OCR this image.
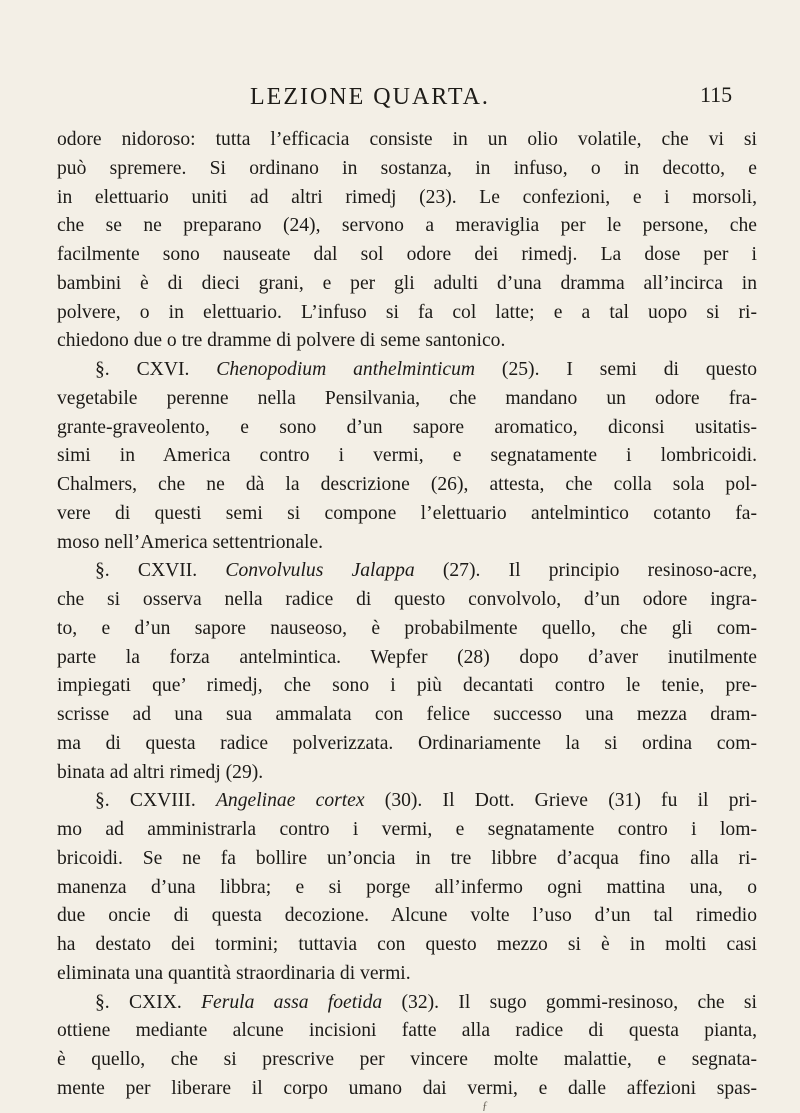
LEZIONE QUARTA.	115
odore nidoroso: tutta l’efficacia consiste in un olio volatile, che vi si
può spremere. Si ordinano in sostanza, in infuso, o in decotto, e
in elettuario uniti ad altri rimedj (23). Le confezioni, e i morsoli,
che se ne preparano (24), servono a meraviglia per le persone, che
facilmente sono nauseate dal sol odore dei rimedj. La dose per i
bambini è di dieci grani, e per gli adulti d’una dramma all’incirca in
polvere, o in elettuario. L’infuso si fa col latte; e a tal uopo si ri-
chiedono due o tre dramme di polvere di seme santonico.
§. CXVI. Chenopodium anthelminticum (25). I semi di questo
vegetabile perenne nella Pensilvania, che mandano un odore fra-
grante-graveolento, e sono d’un sapore aromatico, diconsi usitatis-
simi in America contro i vermi, e segnatamente i lombricoidi.
Chalmers, che ne dà la descrizione (26), attesta, che colla sola pol-
vere di questi semi si compone l’elettuario antelmintico cotanto fa-
moso nell’America settentrionale.
§. CXVII. Convolvulus Jalappa (27). Il principio resinoso-acre,
che si osserva nella radice di questo convolvolo, d’un odore ingra-
to, e d’un sapore nauseoso, è probabilmente quello, che gli com-
parte la forza antelmintica. Wepfer (28) dopo d’aver inutilmente
impiegati que’ rimedj, che sono i più decantati contro le tenie, pre-
scrisse ad una sua ammalata con felice successo una mezza dram-
ma di questa radice polverizzata. Ordinariamente la si ordina com-
binata ad altri rimedj (29).
§. CXVIII. Angelinae cortex (30). Il Dott. Grieve (31) fu il pri-
mo ad amministrarla contro i vermi, e segnatamente contro i lom-
bricoidi. Se ne fa bollire un’oncia in tre libbre d’acqua fino alla ri-
manenza d’una libbra; e si porge all’infermo ogni mattina una, o
due oncie di questa decozione. Alcune volte l’uso d’un tal rimedio
ha destato dei tormini; tuttavia con questo mezzo si è in molti casi
eliminata una quantità straordinaria di vermi.
§. CXIX. Ferula assa foetida (32). Il sugo gommi-resinoso, che si
ottiene mediante alcune incisioni fatte alla radice di questa pianta,
è quello, che si prescrive per vincere molte malattie, e segnata-
mente per liberare il corpo umano dai vermi, e dalle affezioni spas-
ƒ
